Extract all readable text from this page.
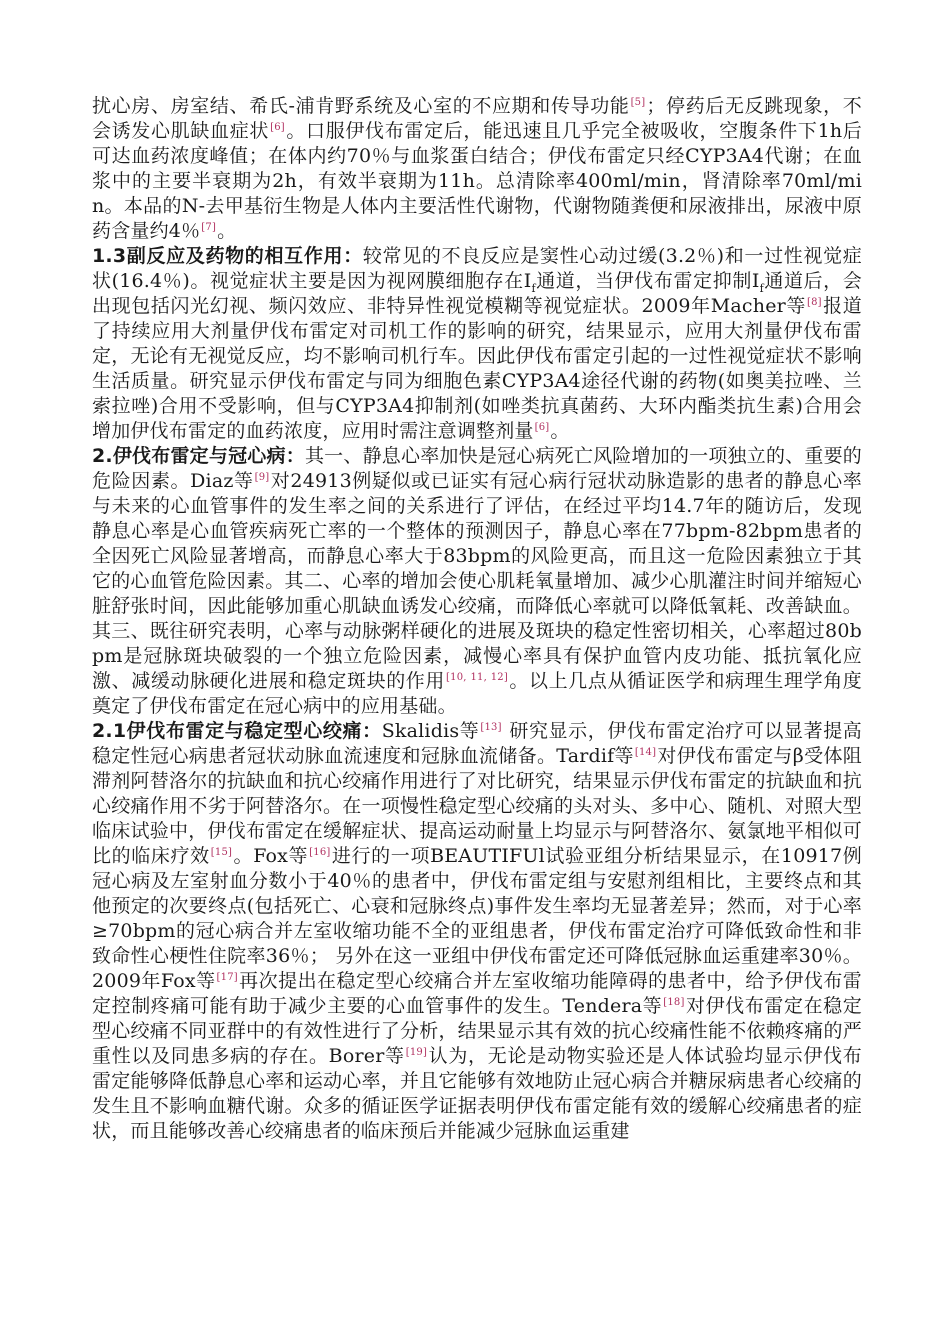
扰心房、房室结、希氏-浦肯野系统及心室的不应期和传导功能[5]；停药后无反跳现象，不会诱发心肌缺血症状[6]。口服伊伐布雷定后，能迅速且几乎完全被吸收，空腹条件下1h后可达血药浓度峰值；在体内约70％与血浆蛋白结合；伊伐布雷定只经CYP3A4代谢；在血浆中的主要半衰期为2h，有效半衰期为11h。总清除率400ml/min，肾清除率70ml/min。本品的N-去甲基衍生物是人体内主要活性代谢物，代谢物随粪便和尿液排出，尿液中原药含量约4％[7]。

1.3副反应及药物的相互作用：较常见的不良反应是窦性心动过缓(3.2％)和一过性视觉症状(16.4％)。视觉症状主要是因为视网膜细胞存在$I_f$通道，当伊伐布雷定抑制$I_f$通道后，会出现包括闪光幻视、频闪效应、非特异性视觉模糊等视觉症状。2009年Macher等[8]报道了持续应用大剂量伊伐布雷定对司机工作的影响的研究，结果显示，应用大剂量伊伐布雷定，无论有无视觉反应，均不影响司机行车。因此伊伐布雷定引起的一过性视觉症状不影响生活质量。研究显示伊伐布雷定与同为细胞色素CYP3A4途径代谢的药物(如奥美拉唑、兰索拉唑)合用不受影响，但与CYP3A4抑制剂(如唑类抗真菌药、大环内酯类抗生素)合用会增加伊伐布雷定的血药浓度，应用时需注意调整剂量[6]。

2.伊伐布雷定与冠心病：其一、静息心率加快是冠心病死亡风险增加的一项独立的、重要的危险因素。Diaz等[9]对24913例疑似或已证实有冠心病行冠状动脉造影的患者的静息心率与未来的心血管事件的发生率之间的关系进行了评估，在经过平均14.7年的随访后，发现静息心率是心血管疾病死亡率的一个整体的预测因子，静息心率在77bpm-82bpm患者的全因死亡风险显著增高，而静息心率大于83bpm的风险更高，而且这一危险因素独立于其它的心血管危险因素。其二、心率的增加会使心肌耗氧量增加、减少心肌灌注时间并缩短心脏舒张时间，因此能够加重心肌缺血诱发心绞痛，而降低心率就可以降低氧耗、改善缺血。其三、既往研究表明，心率与动脉粥样硬化的进展及斑块的稳定性密切相关，心率超过80bpm是冠脉斑块破裂的一个独立危险因素，减慢心率具有保护血管内皮功能、抵抗氧化应激、减缓动脉硬化进展和稳定斑块的作用[10, 11, 12]。以上几点从循证医学和病理生理学角度奠定了伊伐布雷定在冠心病中的应用基础。

2.1伊伐布雷定与稳定型心绞痛：Skalidis等[13] 研究显示，伊伐布雷定治疗可以显著提高稳定性冠心病患者冠状动脉血流速度和冠脉血流储备。Tardif等[14]对伊伐布雷定与β受体阻滞剂阿替洛尔的抗缺血和抗心绞痛作用进行了对比研究，结果显示伊伐布雷定的抗缺血和抗心绞痛作用不劣于阿替洛尔。在一项慢性稳定型心绞痛的头对头、多中心、随机、对照大型临床试验中，伊伐布雷定在缓解症状、提高运动耐量上均显示与阿替洛尔、氨氯地平相似可比的临床疗效[15]。Fox等[16]进行的一项BEAUTIFUl试验亚组分析结果显示，在10917例冠心病及左室射血分数小于40％的患者中，伊伐布雷定组与安慰剂组相比，主要终点和其他预定的次要终点(包括死亡、心衰和冠脉终点)事件发生率均无显著差异；然而，对于心率≥70bpm的冠心病合并左室收缩功能不全的亚组患者，伊伐布雷定治疗可降低致命性和非致命性心梗性住院率36％； 另外在这一亚组中伊伐布雷定还可降低冠脉血运重建率30％。2009年Fox等[17]再次提出在稳定型心绞痛合并左室收缩功能障碍的患者中，给予伊伐布雷定控制疼痛可能有助于减少主要的心血管事件的发生。Tendera等[18]对伊伐布雷定在稳定型心绞痛不同亚群中的有效性进行了分析，结果显示其有效的抗心绞痛性能不依赖疼痛的严重性以及同患多病的存在。Borer等[19]认为，无论是动物实验还是人体试验均显示伊伐布雷定能够降低静息心率和运动心率，并且它能够有效地防止冠心病合并糖尿病患者心绞痛的发生且不影响血糖代谢。众多的循证医学证据表明伊伐布雷定能有效的缓解心绞痛患者的症状，而且能够改善心绞痛患者的临床预后并能减少冠脉血运重建
